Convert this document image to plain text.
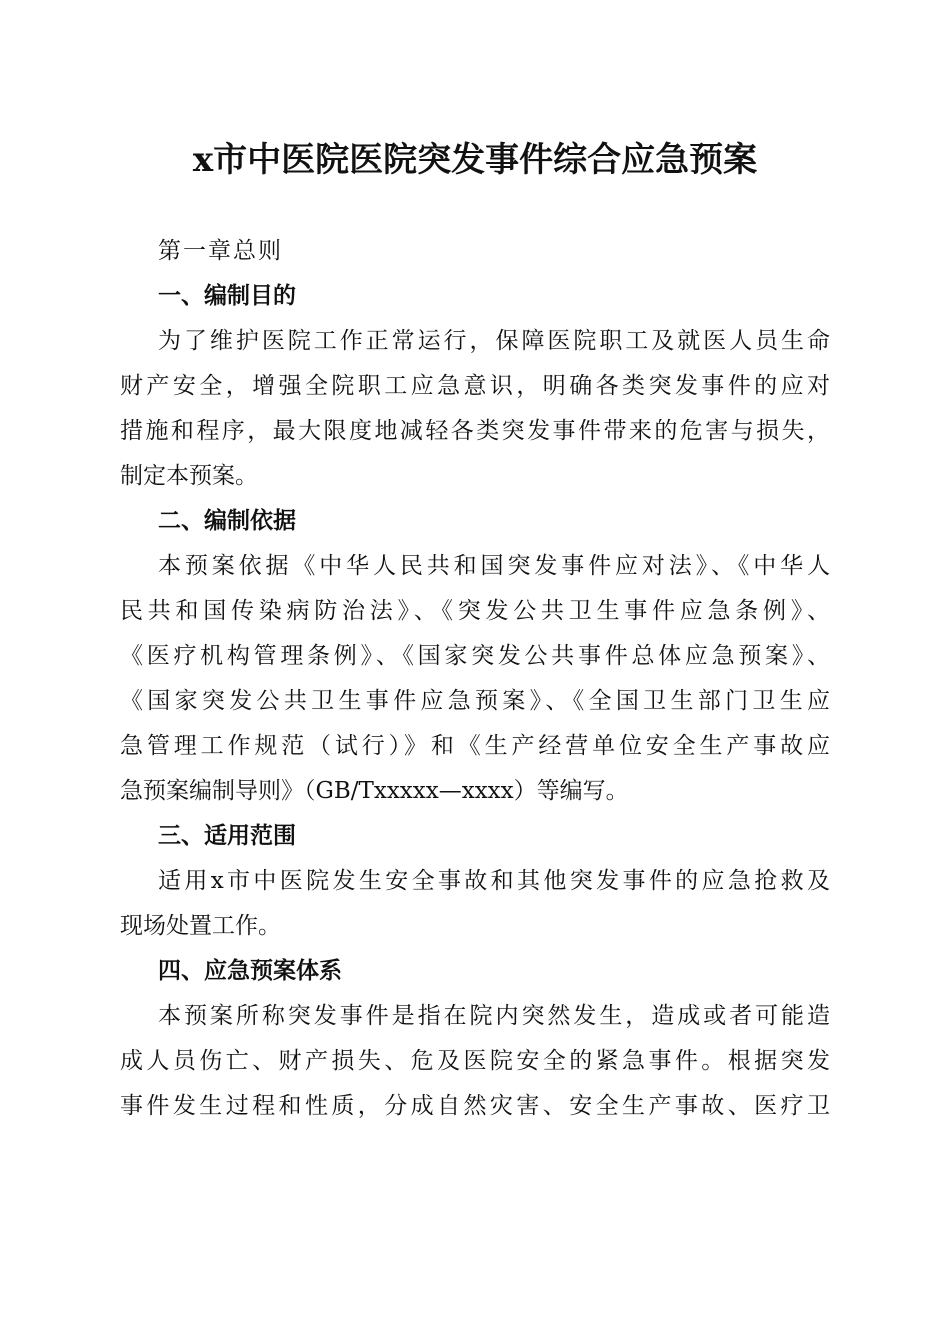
x市中医院医院突发事件综合应急预案
第一章总则
一、编制目的
为了维护医院工作正常运行，保障医院职工及就医人员生命
财产安全，增强全院职工应急意识，明确各类突发事件的应对
措施和程序，最大限度地减轻各类突发事件带来的危害与损失，
制定本预案。
二、编制依据
本预案依据《中华人民共和国突发事件应对法》、《中华人
民共和国传染病防治法》、《突发公共卫生事件应急条例》、
《医疗机构管理条例》、《国家突发公共事件总体应急预案》、
《国家突发公共卫生事件应急预案》、《全国卫生部门卫生应
急管理工作规范（试行）》和《生产经营单位安全生产事故应
急预案编制导则》（GB/Txxxxx—xxxx）等编写。
三、适用范围
适用x市中医院发生安全事故和其他突发事件的应急抢救及
现场处置工作。
四、应急预案体系
本预案所称突发事件是指在院内突然发生，造成或者可能造
成人员伤亡、财产损失、危及医院安全的紧急事件。根据突发
事件发生过程和性质，分成自然灾害、安全生产事故、医疗卫
